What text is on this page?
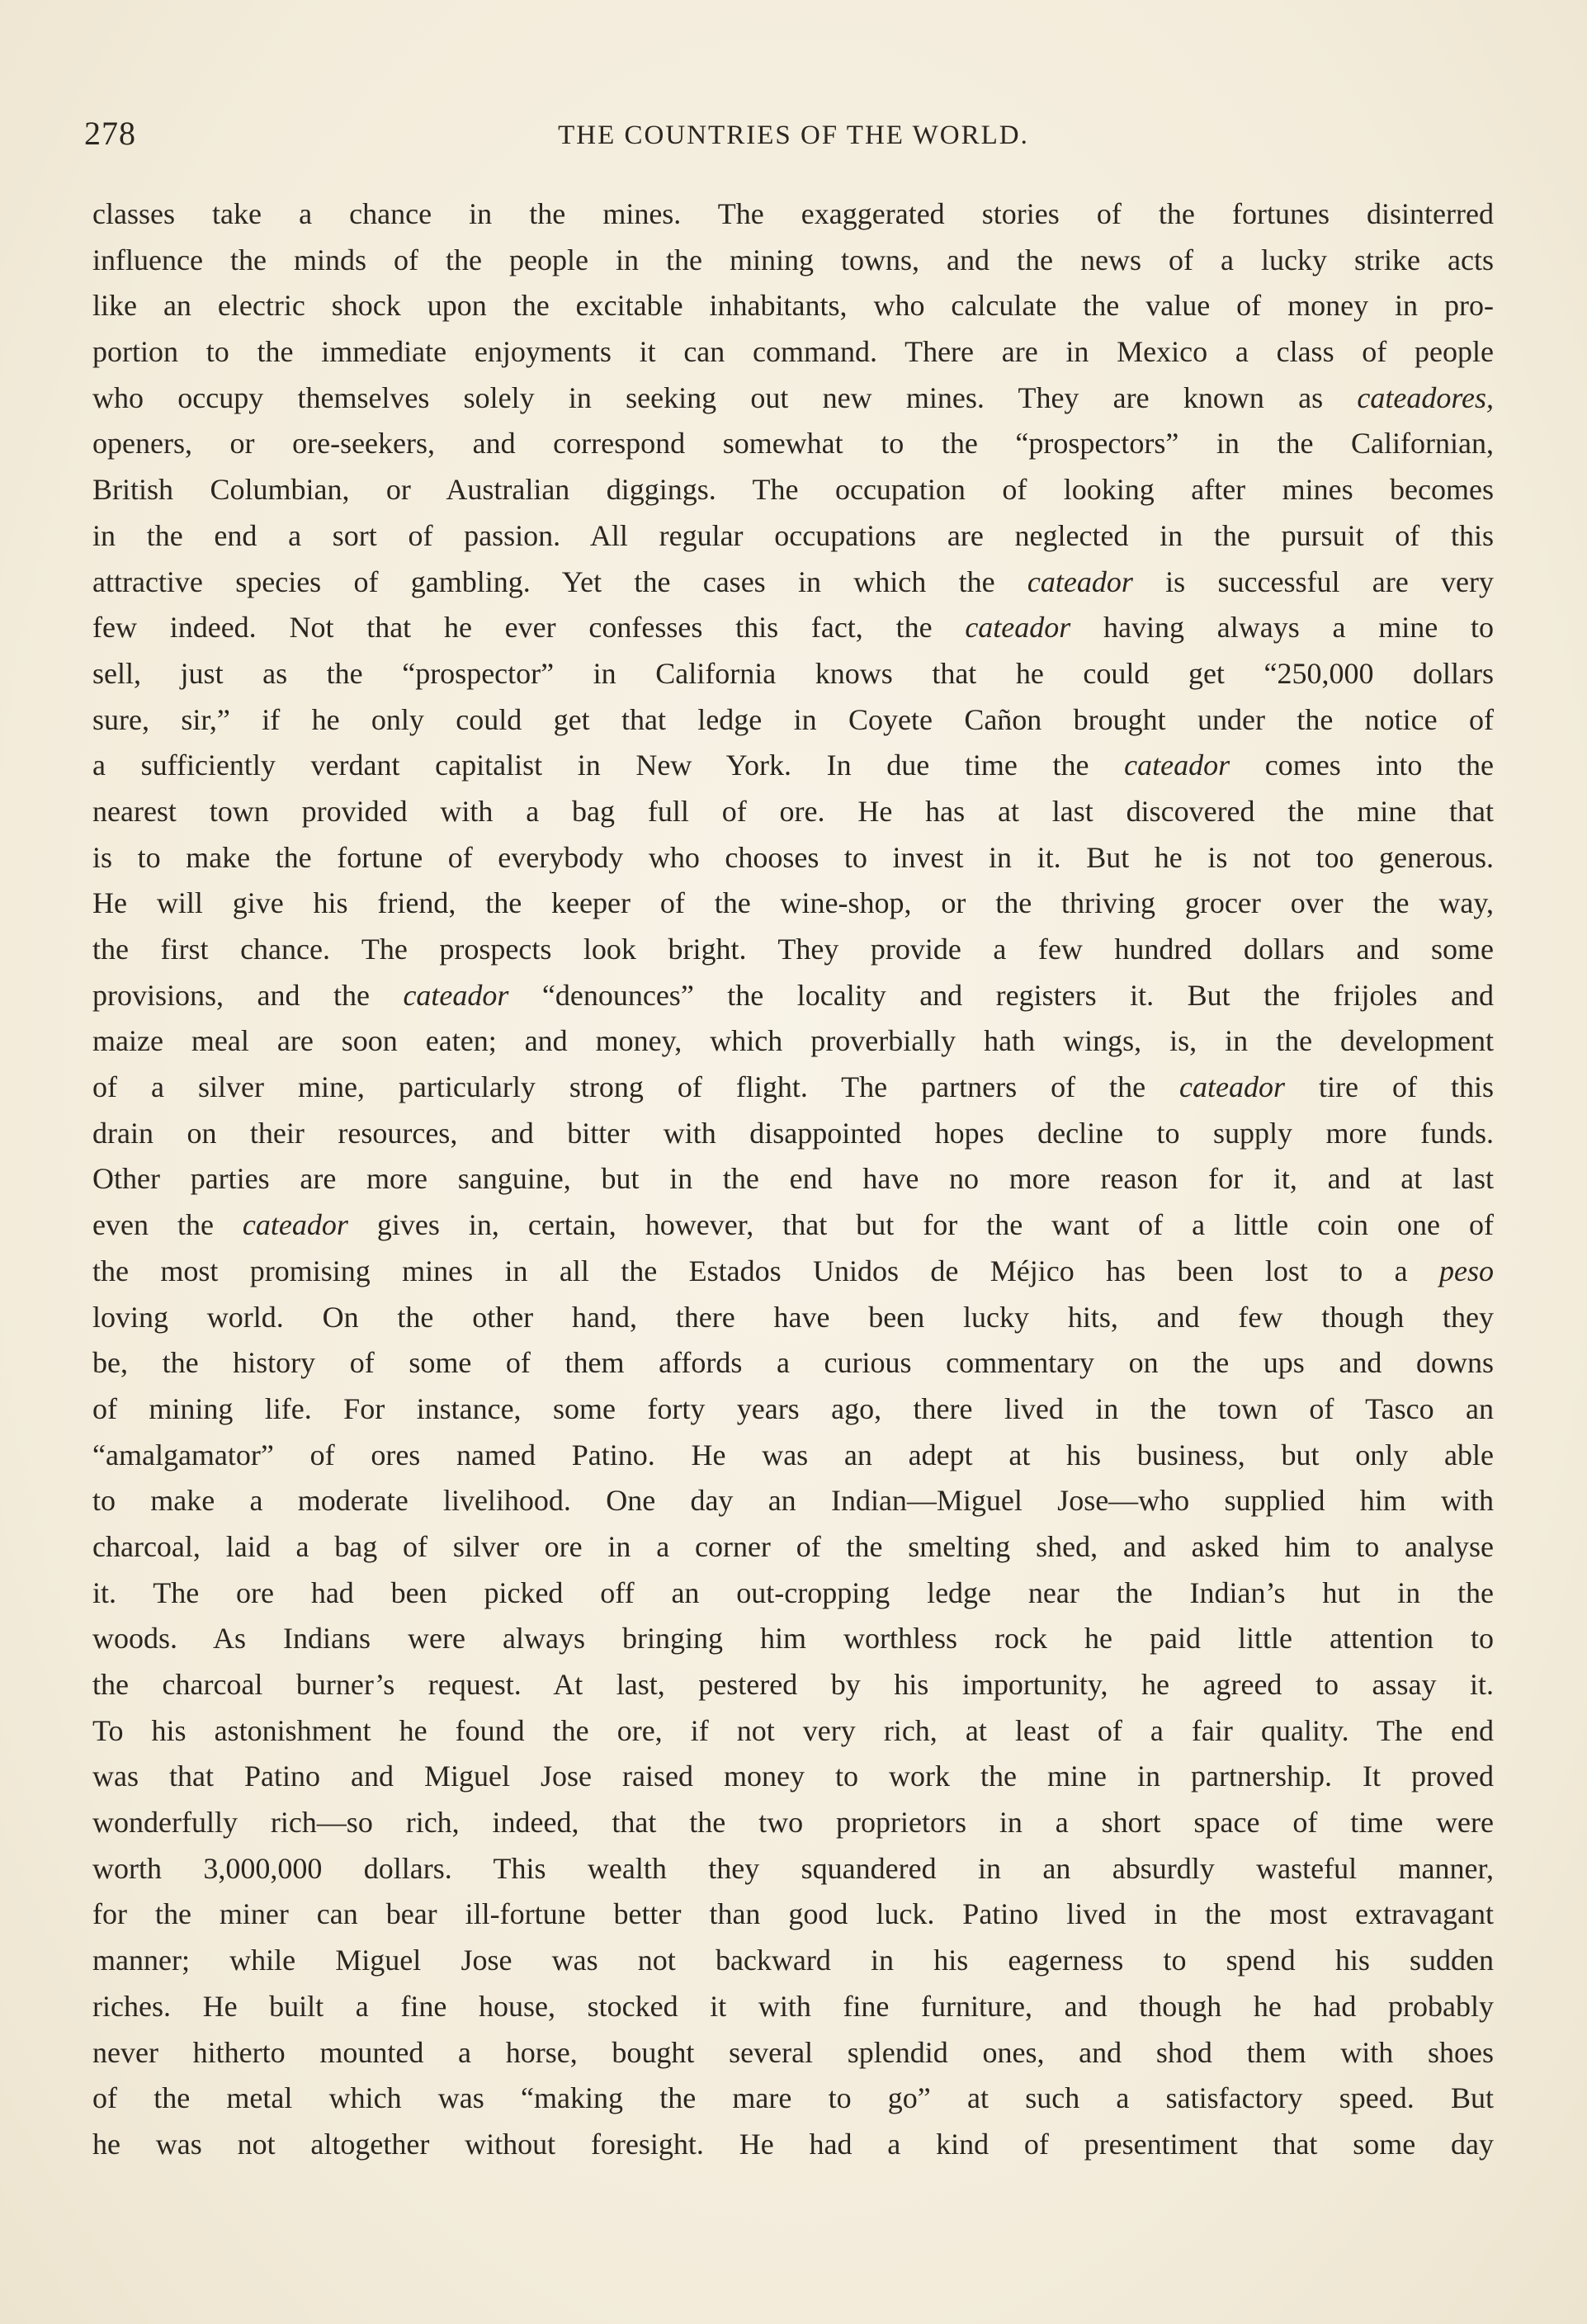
278	THE COUNTRIES OF THE WORLD.
classes take a chance in the mines. The exaggerated stories of the fortunes disinterred
influence the minds of the people in the mining towns, and the news of a lucky strike acts
like an electric shock upon the excitable inhabitants, who calculate the value of money in pro-
portion to the immediate enjoyments it can command. There are in Mexico a class of people
who occupy themselves solely in seeking out new mines. They are known as cateadores,
openers, or ore-seekers, and correspond somewhat to the “prospectors” in the Californian,
British Columbian, or Australian diggings. The occupation of looking after mines becomes
in the end a sort of passion. All regular occupations are neglected in the pursuit of this
attractive species of gambling. Yet the cases in which the cateador is successful are very
few indeed. Not that he ever confesses this fact, the cateador having always a mine to
sell, just as the “prospector” in California knows that he could get “250,000 dollars
sure, sir,” if he only could get that ledge in Coyete Cañon brought under the notice of
a sufficiently verdant capitalist in New York. In due time the cateador comes into the
nearest town provided with a bag full of ore. He has at last discovered the mine that
is to make the fortune of everybody who chooses to invest in it. But he is not too generous.
He will give his friend, the keeper of the wine-shop, or the thriving grocer over the way,
the first chance. The prospects look bright. They provide a few hundred dollars and some
provisions, and the cateador “denounces” the locality and registers it. But the frijoles and
maize meal are soon eaten; and money, which proverbially hath wings, is, in the development
of a silver mine, particularly strong of flight. The partners of the cateador tire of this
drain on their resources, and bitter with disappointed hopes decline to supply more funds.
Other parties are more sanguine, but in the end have no more reason for it, and at last
even the cateador gives in, certain, however, that but for the want of a little coin one of
the most promising mines in all the Estados Unidos de Méjico has been lost to a peso
loving world. On the other hand, there have been lucky hits, and few though they
be, the history of some of them affords a curious commentary on the ups and downs
of mining life. For instance, some forty years ago, there lived in the town of Tasco an
“amalgamator” of ores named Patino. He was an adept at his business, but only able
to make a moderate livelihood. One day an Indian—Miguel Jose—who supplied him with
charcoal, laid a bag of silver ore in a corner of the smelting shed, and asked him to analyse
it. The ore had been picked off an out-cropping ledge near the Indian’s hut in the
woods. As Indians were always bringing him worthless rock he paid little attention to
the charcoal burner’s request. At last, pestered by his importunity, he agreed to assay it.
To his astonishment he found the ore, if not very rich, at least of a fair quality. The end
was that Patino and Miguel Jose raised money to work the mine in partnership. It proved
wonderfully rich—so rich, indeed, that the two proprietors in a short space of time were
worth 3,000,000 dollars. This wealth they squandered in an absurdly wasteful manner,
for the miner can bear ill-fortune better than good luck. Patino lived in the most extravagant
manner; while Miguel Jose was not backward in his eagerness to spend his sudden
riches. He built a fine house, stocked it with fine furniture, and though he had probably
never hitherto mounted a horse, bought several splendid ones, and shod them with shoes
of the metal which was “making the mare to go” at such a satisfactory speed. But
he was not altogether without foresight. He had a kind of presentiment that some day
